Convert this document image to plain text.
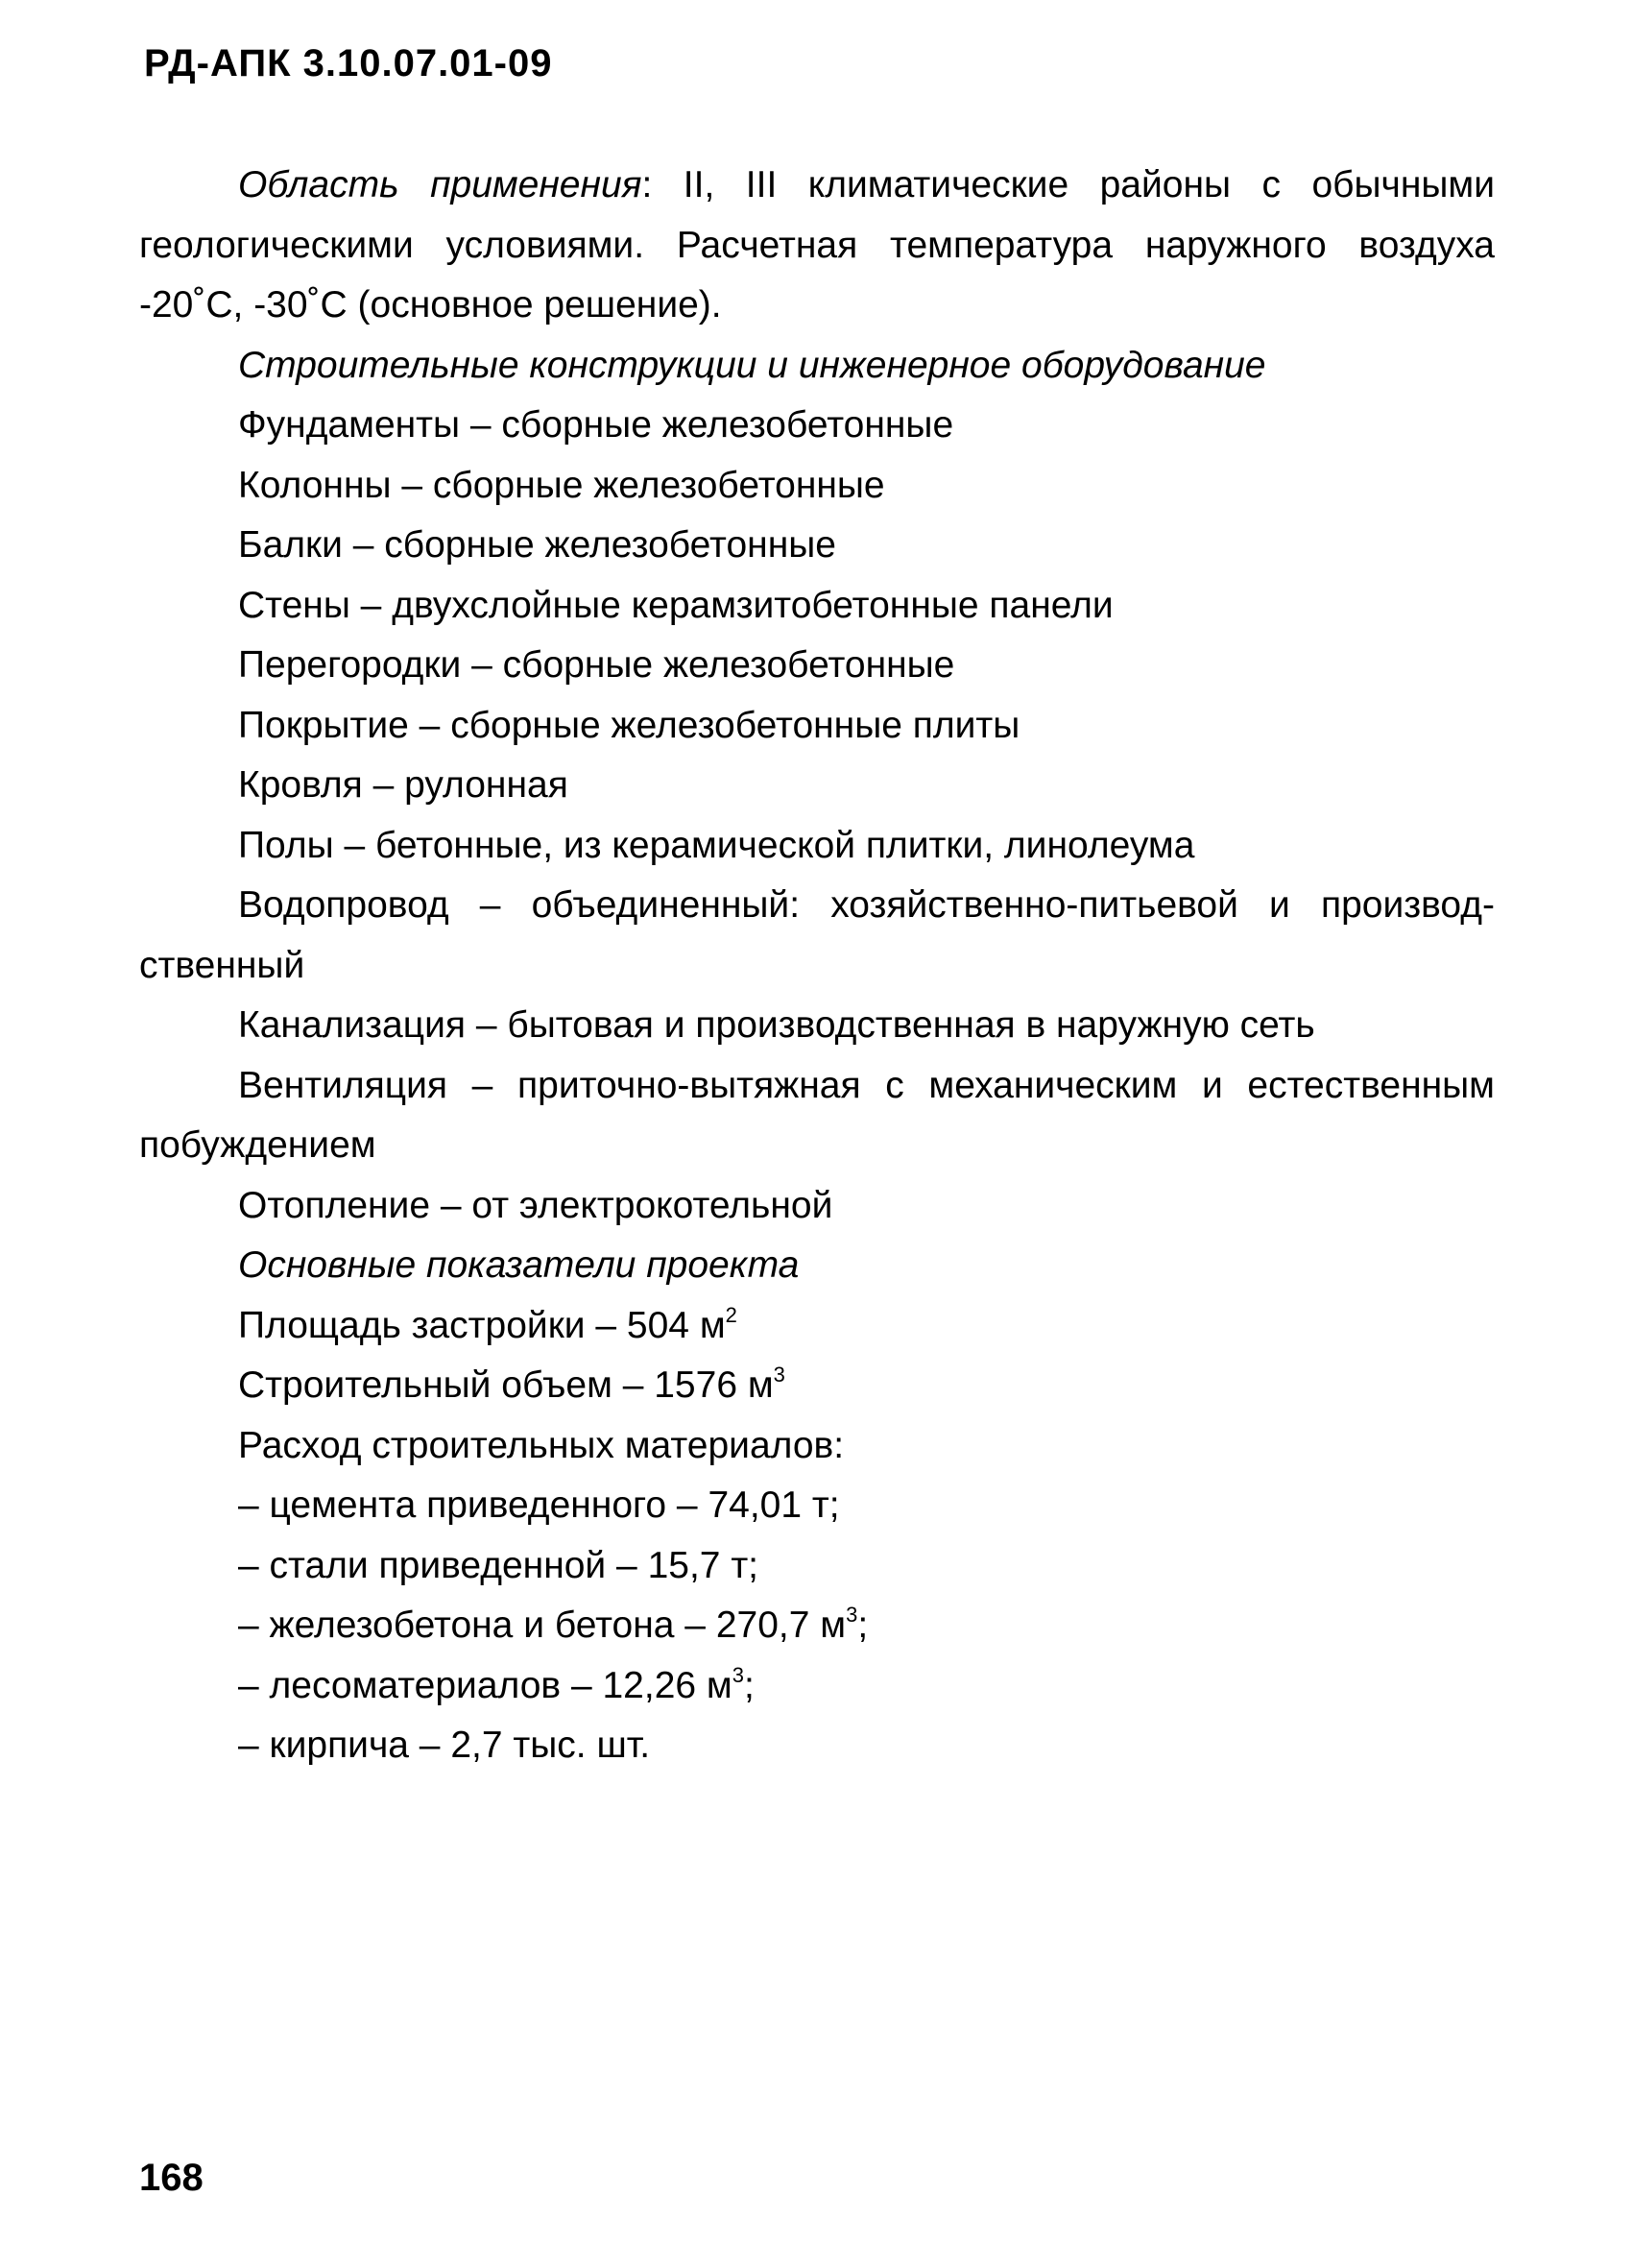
РД-АПК 3.10.07.01-09

Область применения: II, III климатические районы с обычными геологическими условиями. Расчетная температура наружного воздуха -20˚С, -30˚С (основное решение).

Строительные конструкции и инженерное оборудование

Фундаменты – сборные железобетонные

Колонны – сборные железобетонные

Балки – сборные железобетонные

Стены – двухслойные керамзитобетонные панели

Перегородки – сборные железобетонные

Покрытие – сборные железобетонные плиты

Кровля – рулонная

Полы – бетонные, из керамической плитки, линолеума

Водопровод – объединенный: хозяйственно-питьевой и производственный

Канализация – бытовая и производственная в наружную сеть

Вентиляция – приточно-вытяжная с механическим и естественным побуждением

Отопление – от электрокотельной

Основные показатели проекта

Площадь застройки – 504 $м^2$

Строительный объем – 1576 $м^3$

Расход строительных материалов:

– цемента приведенного – 74,01 т;

– стали приведенной – 15,7 т;

– железобетона и бетона – 270,7 $м^3$;

– лесоматериалов – 12,26 $м^3$;

– кирпича – 2,7 тыс. шт.

168
